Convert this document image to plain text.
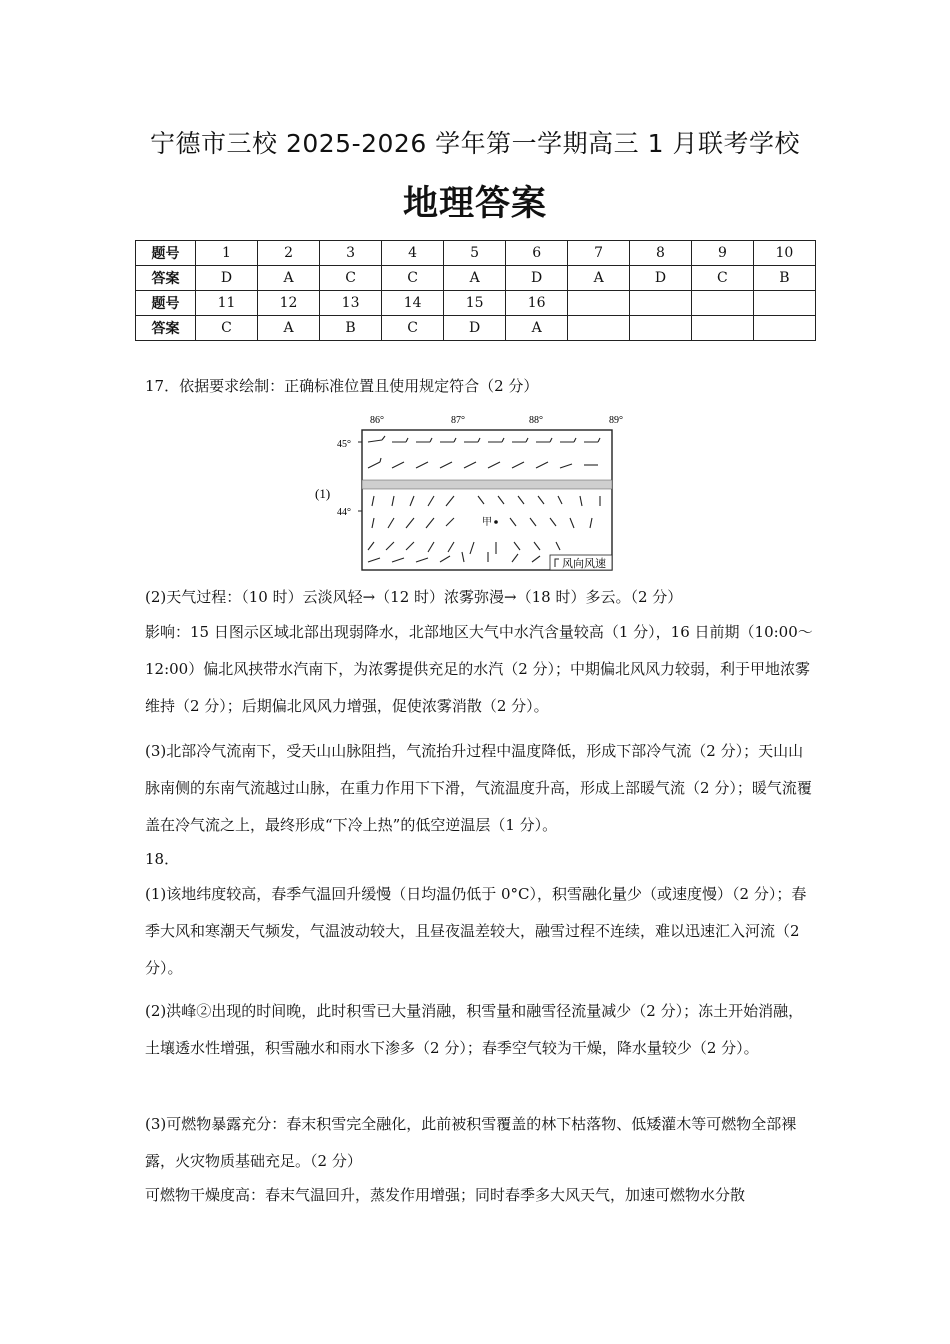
宁德市三校 2025-2026 学年第一学期高三 1 月联考学校
地理答案
题号	1	2	3	4	5	6	7	8	9	10
答案	D	A	C	C	A	D	A	D	C	B
题号	11	12	13	14	15	16				
答案	C	A	B	C	D	A				
17．依据要求绘制：正确标准位置且使用规定符合（2 分）
(1)
86°	87°	88°	89°
45°
44°
甲
风向风速
(2)天气过程：（10 时）云淡风轻→（12 时）浓雾弥漫→（18 时）多云。（2 分）
影响：15 日图示区域北部出现弱降水，北部地区大气中水汽含量较高（1 分），16 日前期（10:00～12:00）偏北风挟带水汽南下，为浓雾提供充足的水汽（2 分）；中期偏北风风力较弱，利于甲地浓雾维持（2 分）；后期偏北风风力增强，促使浓雾消散（2 分）。
(3)北部冷气流南下，受天山山脉阻挡，气流抬升过程中温度降低，形成下部冷气流（2 分）；天山山脉南侧的东南气流越过山脉，在重力作用下下滑，气流温度升高，形成上部暖气流（2 分）；暖气流覆盖在冷气流之上，最终形成“下冷上热”的低空逆温层（1 分）。
18．
(1)该地纬度较高，春季气温回升缓慢（日均温仍低于 0°C），积雪融化量少（或速度慢）（2 分）；春季大风和寒潮天气频发，气温波动较大，且昼夜温差较大，融雪过程不连续，难以迅速汇入河流（2 分）。
(2)洪峰②出现的时间晚，此时积雪已大量消融，积雪量和融雪径流量减少（2 分）；冻土开始消融，土壤透水性增强，积雪融水和雨水下渗多（2 分）；春季空气较为干燥，降水量较少（2 分）。
(3)可燃物暴露充分：春末积雪完全融化，此前被积雪覆盖的林下枯落物、低矮灌木等可燃物全部裸露，火灾物质基础充足。（2 分）
可燃物干燥度高：春末气温回升，蒸发作用增强；同时春季多大风天气，加速可燃物水分散
